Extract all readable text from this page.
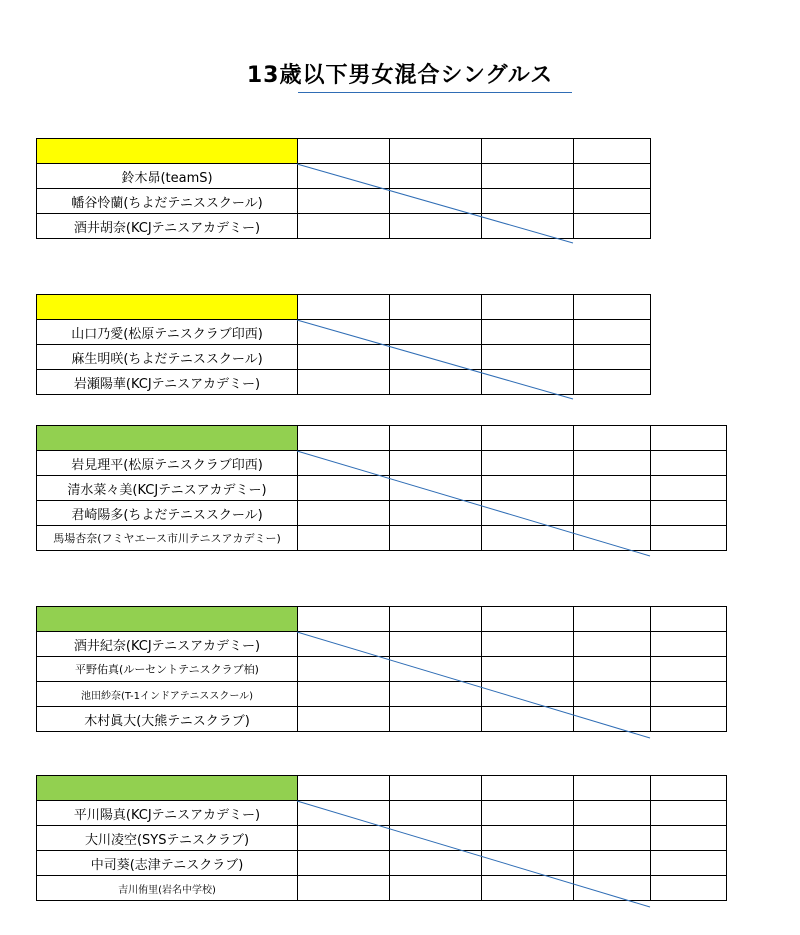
13歳以下男女混合シングルス

鈴木昴(teamS)				
幡谷怜蘭(ちよだテニススクール)				
酒井胡奈(KCJテニスアカデミー)				

山口乃愛(松原テニスクラブ印西)				
麻生明咲(ちよだテニススクール)				
岩瀬陽華(KCJテニスアカデミー)				

岩見理平(松原テニスクラブ印西)					
清水菜々美(KCJテニスアカデミー)					
君崎陽多(ちよだテニススクール)					
馬場杏奈(フミヤエース市川テニスアカデミー)					

酒井紀奈(KCJテニスアカデミー)					
平野佑真(ルーセントテニスクラブ柏)					
池田紗奈(T-1インドアテニススクール)					
木村眞大(大熊テニスクラブ)					

平川陽真(KCJテニスアカデミー)					
大川凌空(SYSテニスクラブ)					
中司葵(志津テニスクラブ)					
吉川侑里(岩名中学校)					
